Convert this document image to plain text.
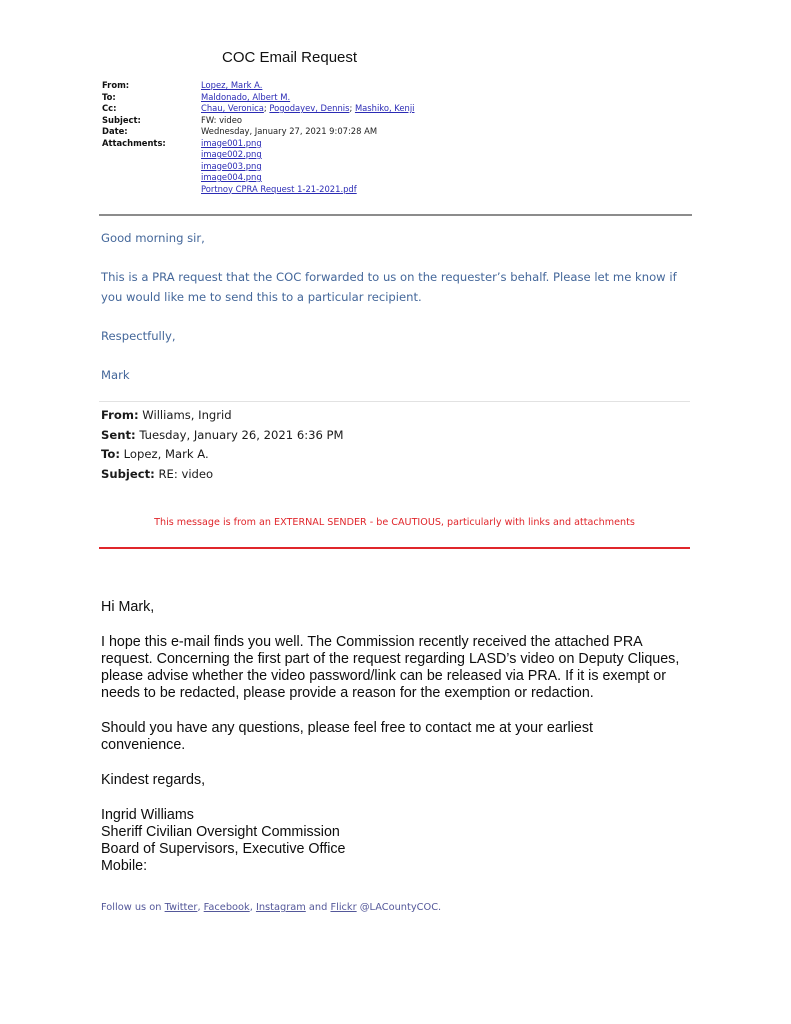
COC Email Request
From:	Lopez, Mark A.
To:	Maldonado, Albert M.
Cc:	Chau, Veronica; Pogodayev, Dennis; Mashiko, Kenji
Subject:	FW: video
Date:	Wednesday, January 27, 2021 9:07:28 AM
Attachments:	image001.png
image002.png
image003.png
image004.png
Portnoy CPRA Request 1-21-2021.pdf

Good morning sir,

This is a PRA request that the COC forwarded to us on the requester’s behalf. Please let me know if

you would like me to send this to a particular recipient.

Respectfully,

Mark

From: Williams, Ingrid
Sent: Tuesday, January 26, 2021 6:36 PM
To: Lopez, Mark A.
Subject: RE: video
This message is from an EXTERNAL SENDER - be CAUTIOUS, particularly with links and attachments

Hi Mark,

I hope this e-mail finds you well. The Commission recently received the attached PRA

request. Concerning the first part of the request regarding LASD’s video on Deputy Cliques,

please advise whether the video password/link can be released via PRA. If it is exempt or

needs to be redacted, please provide a reason for the exemption or redaction.

Should you have any questions, please feel free to contact me at your earliest

convenience.

Kindest regards,

Ingrid Williams

Sheriff Civilian Oversight Commission

Board of Supervisors, Executive Office

Mobile:

Follow us on Twitter, Facebook, Instagram and Flickr @LACountyCOC.
